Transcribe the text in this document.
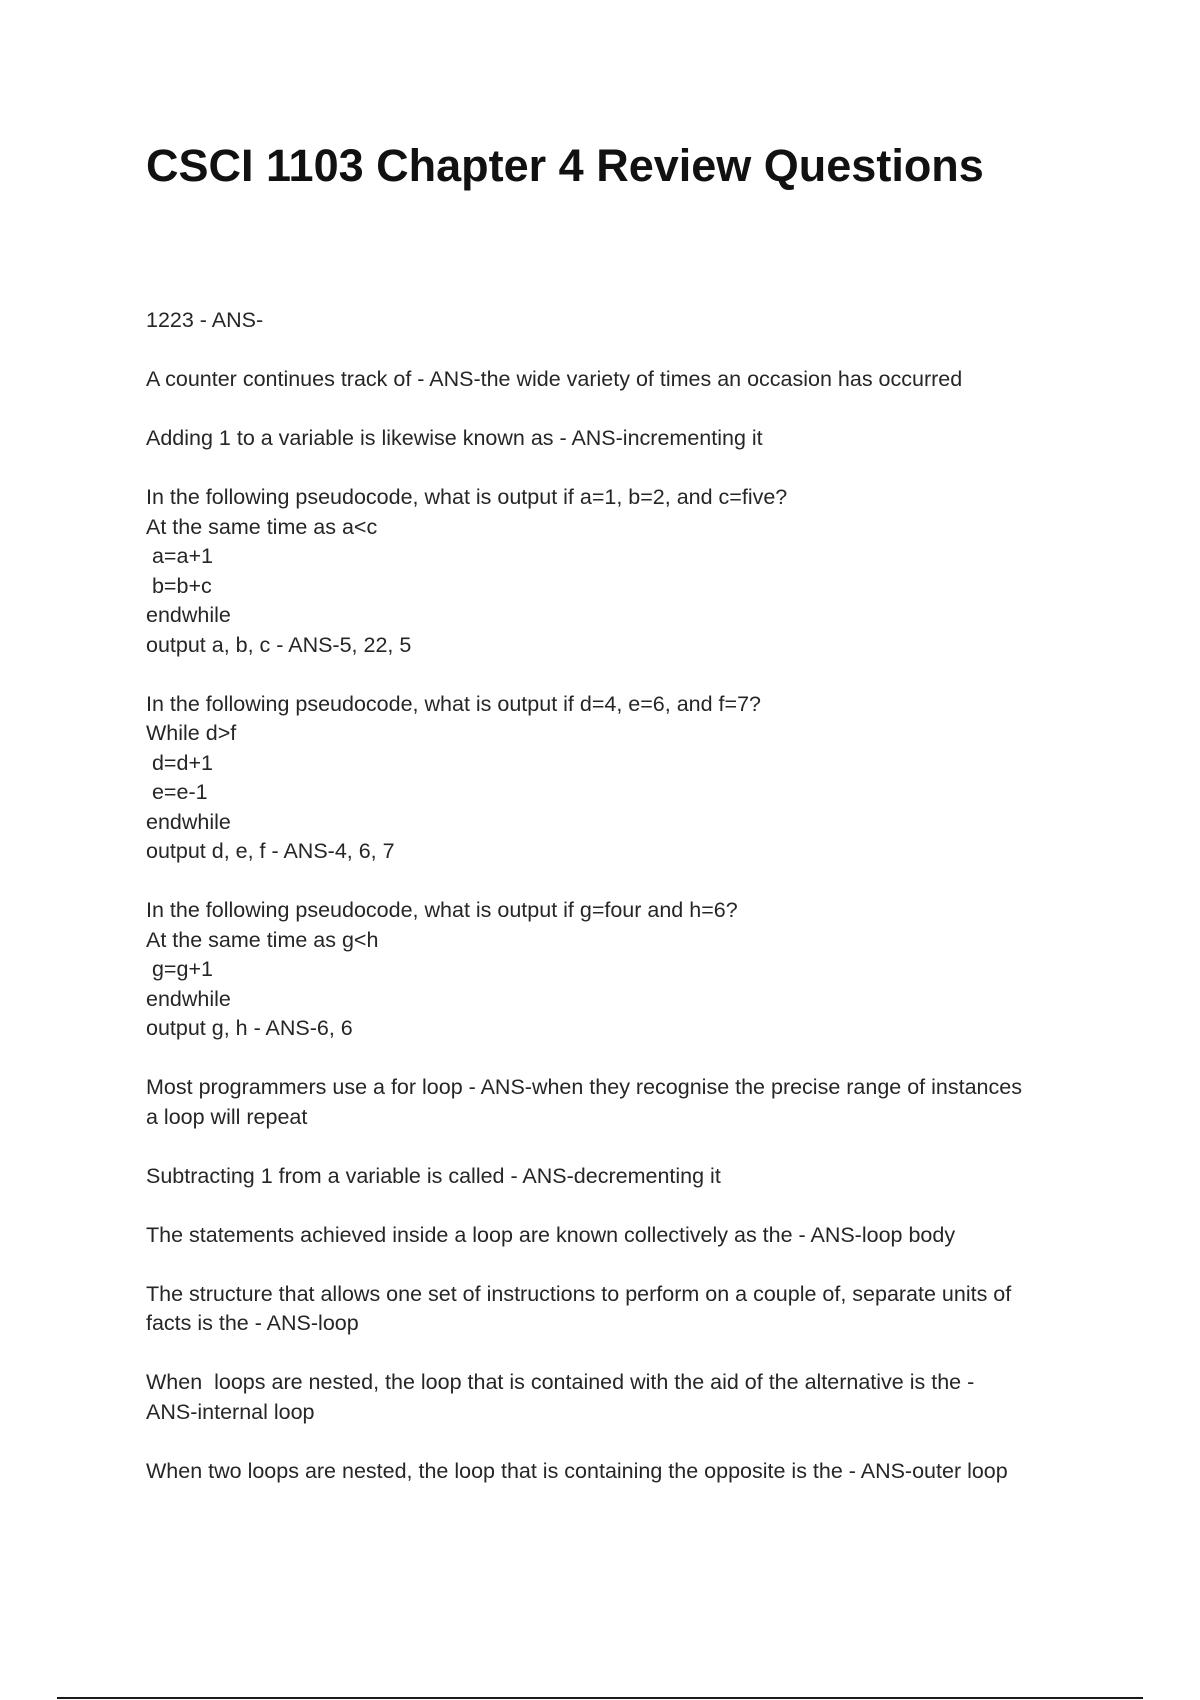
CSCI 1103 Chapter 4 Review Questions
1223 - ANS-
A counter continues track of - ANS-the wide variety of times an occasion has occurred
Adding 1 to a variable is likewise known as - ANS-incrementing it
In the following pseudocode, what is output if a=1, b=2, and c=five?
At the same time as a<c
a=a+1
b=b+c
endwhile
output a, b, c - ANS-5, 22, 5
In the following pseudocode, what is output if d=4, e=6, and f=7?
While d>f
d=d+1
e=e-1
endwhile
output d, e, f - ANS-4, 6, 7
In the following pseudocode, what is output if g=four and h=6?
At the same time as g<h
g=g+1
endwhile
output g, h - ANS-6, 6
Most programmers use a for loop - ANS-when they recognise the precise range of instances
a loop will repeat
Subtracting 1 from a variable is called - ANS-decrementing it
The statements achieved inside a loop are known collectively as the - ANS-loop body
The structure that allows one set of instructions to perform on a couple of, separate units of
facts is the - ANS-loop
When  loops are nested, the loop that is contained with the aid of the alternative is the -
ANS-internal loop
When two loops are nested, the loop that is containing the opposite is the - ANS-outer loop
